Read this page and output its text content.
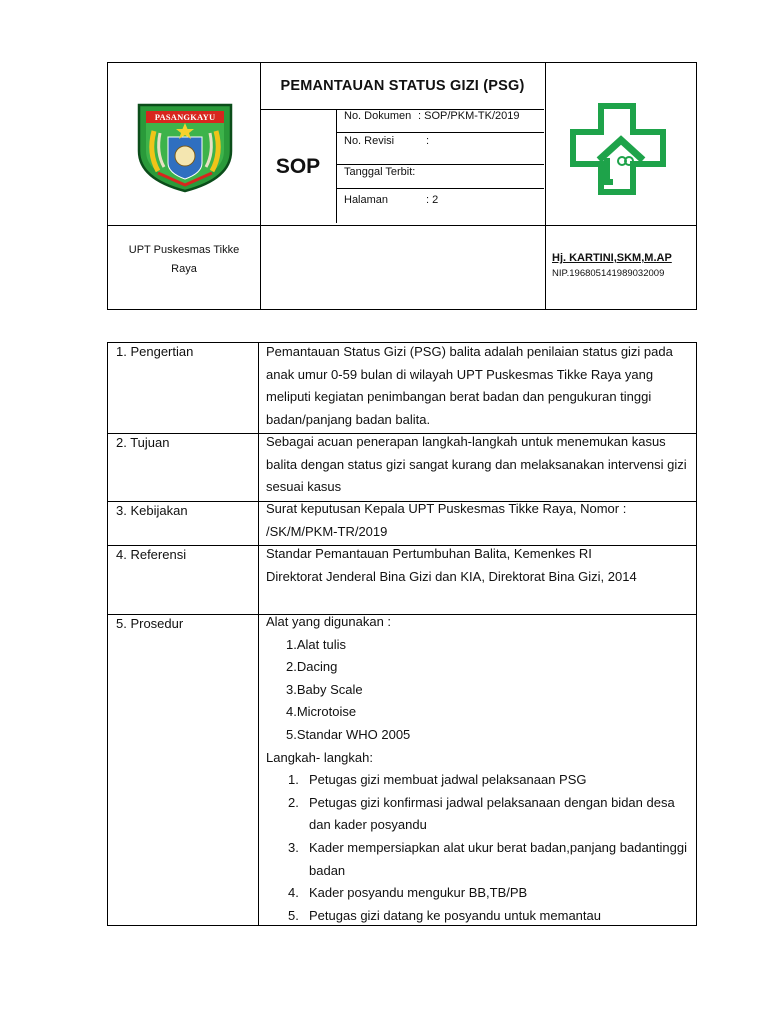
PASANGKAYU
PEMANTAUAN STATUS GIZI (PSG)
SOP
No. Dokumen : SOP/PKM-TK/2019
No. Revisi	:
Tanggal Terbit:
Halaman	: 2
UPT Puskesmas Tikke
Raya
Hj. KARTINI,SKM,M.AP
NIP.196805141989032009
1. Pengertian	Pemantauan Status Gizi (PSG) balita adalah penilaian status gizi pada anak umur 0-59 bulan di wilayah UPT Puskesmas Tikke Raya yang meliputi kegiatan penimbangan berat badan dan pengukuran tinggi badan/panjang badan balita.
2. Tujuan	Sebagai acuan penerapan langkah-langkah untuk menemukan kasus balita dengan status gizi sangat kurang dan melaksanakan intervensi gizi sesuai kasus
3. Kebijakan	Surat keputusan Kepala UPT Puskesmas Tikke Raya, Nomor : /SK/M/PKM-TR/2019
4. Referensi	Standar Pemantauan Pertumbuhan Balita, Kemenkes RI

Direktorat Jenderal Bina Gizi dan KIA, Direktorat Bina Gizi, 2014

5. Prosedur	Alat yang digunakan :

1.Alat tulis

2.Dacing

3.Baby Scale

4.Microtoise

5.Standar WHO 2005

Langkah- langkah:

1. Petugas gizi membuat jadwal pelaksanaan PSG
2. Petugas gizi konfirmasi jadwal pelaksanaan dengan bidan desa dan kader posyandu
3. Kader mempersiapkan alat ukur berat badan,panjang badantinggi badan
4. Kader posyandu mengukur BB,TB/PB
5. Petugas gizi datang ke posyandu untuk memantau
